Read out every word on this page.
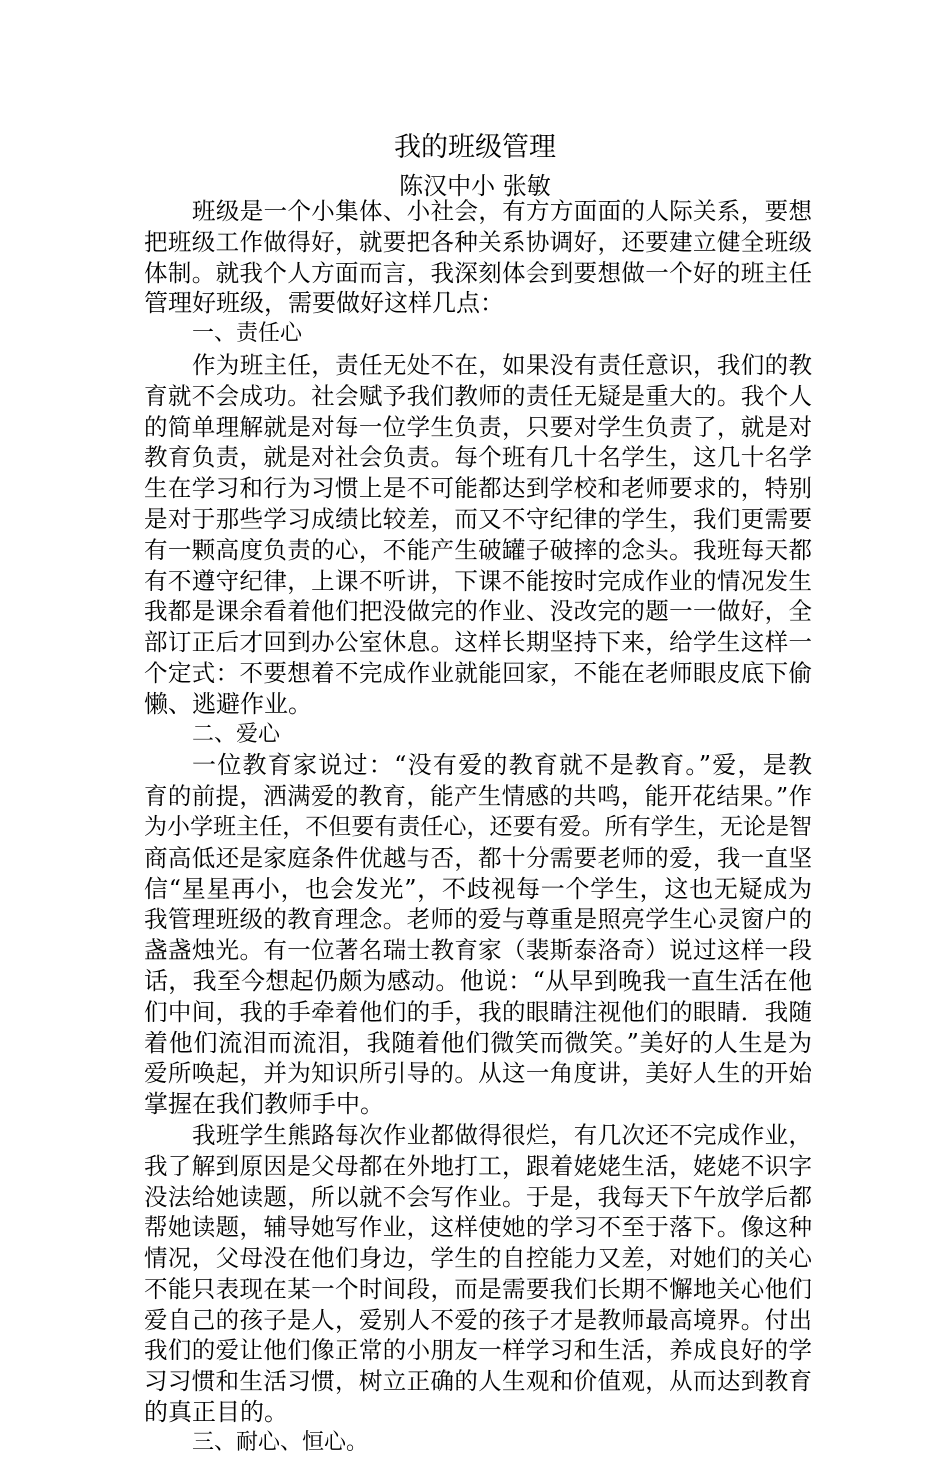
我的班级管理
陈汉中小 张敏
班级是一个小集体、小社会，有方方面面的人际关系，要想
把班级工作做得好，就要把各种关系协调好，还要建立健全班级
体制。就我个人方面而言，我深刻体会到要想做一个好的班主任
管理好班级，需要做好这样几点：
一、责任心
作为班主任，责任无处不在，如果没有责任意识，我们的教
育就不会成功。社会赋予我们教师的责任无疑是重大的。我个人
的简单理解就是对每一位学生负责，只要对学生负责了，就是对
教育负责，就是对社会负责。每个班有几十名学生，这几十名学
生在学习和行为习惯上是不可能都达到学校和老师要求的，特别
是对于那些学习成绩比较差，而又不守纪律的学生，我们更需要
有一颗高度负责的心，不能产生破罐子破摔的念头。我班每天都
有不遵守纪律，上课不听讲，下课不能按时完成作业的情况发生
我都是课余看着他们把没做完的作业、没改完的题一一做好，全
部订正后才回到办公室休息。这样长期坚持下来，给学生这样一
个定式：不要想着不完成作业就能回家，不能在老师眼皮底下偷
懒、逃避作业。
二、爱心
一位教育家说过：“没有爱的教育就不是教育。”爱，是教
育的前提，洒满爱的教育，能产生情感的共鸣，能开花结果。”作
为小学班主任，不但要有责任心，还要有爱。所有学生，无论是智
商高低还是家庭条件优越与否，都十分需要老师的爱，我一直坚
信“星星再小，也会发光”，不歧视每一个学生，这也无疑成为
我管理班级的教育理念。老师的爱与尊重是照亮学生心灵窗户的
盏盏烛光。有一位著名瑞士教育家（裴斯泰洛奇）说过这样一段
话，我至今想起仍颇为感动。他说：“从早到晚我一直生活在他
们中间，我的手牵着他们的手，我的眼睛注视他们的眼睛．我随
着他们流泪而流泪，我随着他们微笑而微笑。”美好的人生是为
爱所唤起，并为知识所引导的。从这一角度讲，美好人生的开始
掌握在我们教师手中。
我班学生熊路每次作业都做得很烂，有几次还不完成作业，
我了解到原因是父母都在外地打工，跟着姥姥生活，姥姥不识字
没法给她读题，所以就不会写作业。于是，我每天下午放学后都
帮她读题，辅导她写作业，这样使她的学习不至于落下。像这种
情况，父母没在他们身边，学生的自控能力又差，对她们的关心
不能只表现在某一个时间段，而是需要我们长期不懈地关心他们
爱自己的孩子是人，爱别人不爱的孩子才是教师最高境界。付出
我们的爱让他们像正常的小朋友一样学习和生活，养成良好的学
习习惯和生活习惯，树立正确的人生观和价值观，从而达到教育
的真正目的。
三、耐心、恒心。
